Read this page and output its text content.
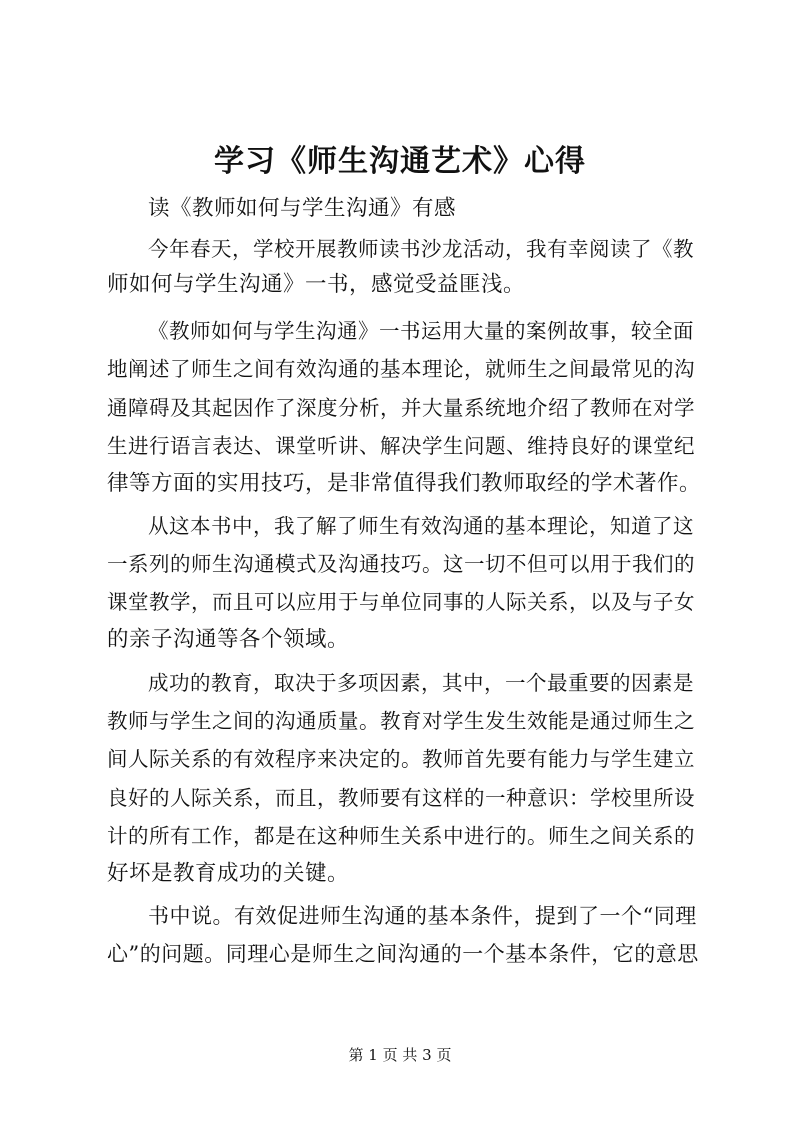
学习《师生沟通艺术》心得
读《教师如何与学生沟通》有感
今年春天，学校开展教师读书沙龙活动，我有幸阅读了《教
师如何与学生沟通》一书，感觉受益匪浅。
《教师如何与学生沟通》一书运用大量的案例故事，较全面
地阐述了师生之间有效沟通的基本理论，就师生之间最常见的沟
通障碍及其起因作了深度分析，并大量系统地介绍了教师在对学
生进行语言表达、课堂听讲、解决学生问题、维持良好的课堂纪
律等方面的实用技巧，是非常值得我们教师取经的学术著作。
从这本书中，我了解了师生有效沟通的基本理论，知道了这
一系列的师生沟通模式及沟通技巧。这一切不但可以用于我们的
课堂教学，而且可以应用于与单位同事的人际关系，以及与子女
的亲子沟通等各个领域。
成功的教育，取决于多项因素，其中，一个最重要的因素是
教师与学生之间的沟通质量。教育对学生发生效能是通过师生之
间人际关系的有效程序来决定的。教师首先要有能力与学生建立
良好的人际关系，而且，教师要有这样的一种意识：学校里所设
计的所有工作，都是在这种师生关系中进行的。师生之间关系的
好坏是教育成功的关键。
书中说。有效促进师生沟通的基本条件，提到了一个“同理
心”的问题。同理心是师生之间沟通的一个基本条件，它的意思
第 1 页 共 3 页
